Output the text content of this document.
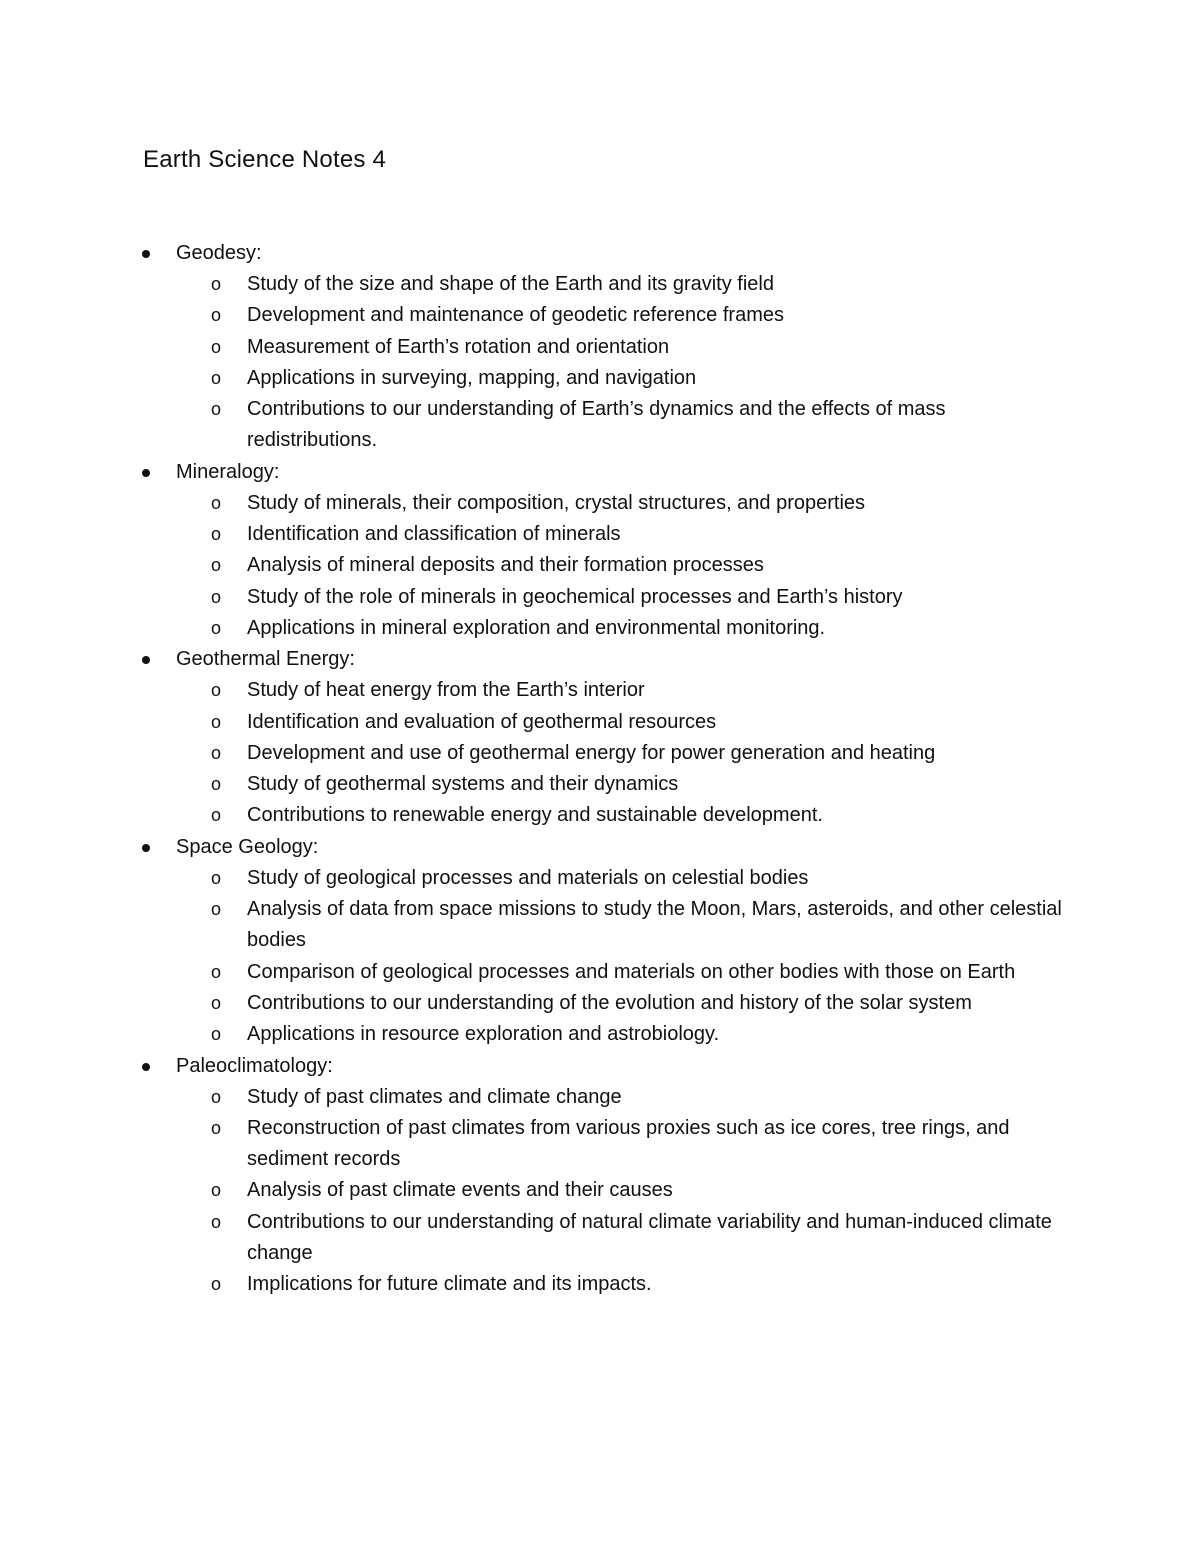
Earth Science Notes 4
Geodesy:
o Study of the size and shape of the Earth and its gravity field
o Development and maintenance of geodetic reference frames
o Measurement of Earth’s rotation and orientation
o Applications in surveying, mapping, and navigation
o Contributions to our understanding of Earth’s dynamics and the effects of mass redistributions.
Mineralogy:
o Study of minerals, their composition, crystal structures, and properties
o Identification and classification of minerals
o Analysis of mineral deposits and their formation processes
o Study of the role of minerals in geochemical processes and Earth’s history
o Applications in mineral exploration and environmental monitoring.
Geothermal Energy:
o Study of heat energy from the Earth’s interior
o Identification and evaluation of geothermal resources
o Development and use of geothermal energy for power generation and heating
o Study of geothermal systems and their dynamics
o Contributions to renewable energy and sustainable development.
Space Geology:
o Study of geological processes and materials on celestial bodies
o Analysis of data from space missions to study the Moon, Mars, asteroids, and other celestial bodies
o Comparison of geological processes and materials on other bodies with those on Earth
o Contributions to our understanding of the evolution and history of the solar system
o Applications in resource exploration and astrobiology.
Paleoclimatology:
o Study of past climates and climate change
o Reconstruction of past climates from various proxies such as ice cores, tree rings, and sediment records
o Analysis of past climate events and their causes
o Contributions to our understanding of natural climate variability and human-induced climate change
o Implications for future climate and its impacts.
